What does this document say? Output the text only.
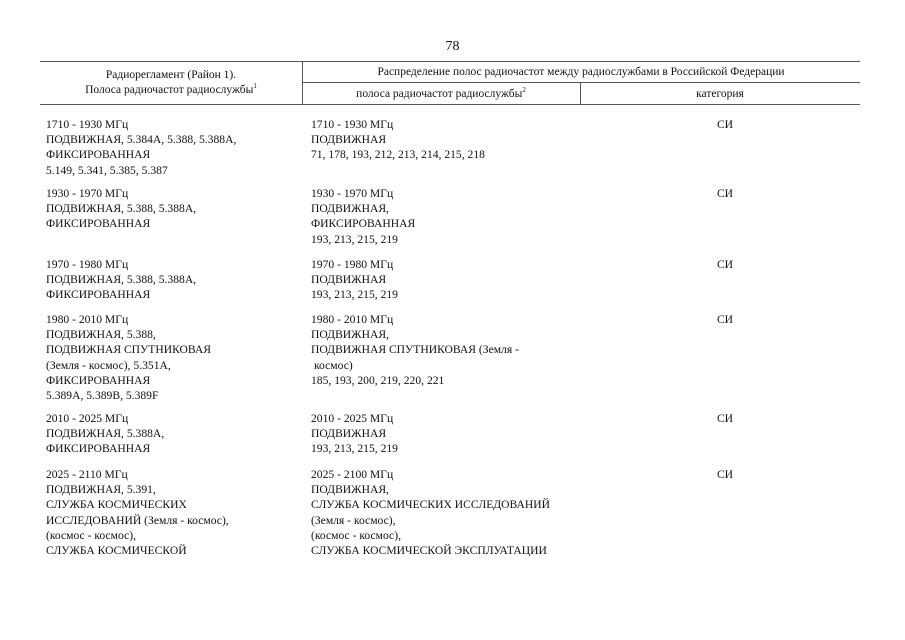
78
Радиорегламент (Район 1).
Полоса радиочастот радиослужбы$^1$
Распределение полос радиочастот между радиослужбами в Российской Федерации
полоса радиочастот радиослужбы$^2$	категория
1710 - 1930 МГц
ПОДВИЖНАЯ, 5.384А, 5.388, 5.388А,
ФИКСИРОВАННАЯ
5.149, 5.341, 5.385, 5.387
1710 - 1930 МГц
ПОДВИЖНАЯ
71, 178, 193, 212, 213, 214, 215, 218
СИ
1930 - 1970 МГц
ПОДВИЖНАЯ, 5.388, 5.388А,
ФИКСИРОВАННАЯ
1930 - 1970 МГц
ПОДВИЖНАЯ,
ФИКСИРОВАННАЯ
193, 213, 215, 219
СИ
1970 - 1980 МГц
ПОДВИЖНАЯ, 5.388, 5.388А,
ФИКСИРОВАННАЯ
1970 - 1980 МГц
ПОДВИЖНАЯ
193, 213, 215, 219
СИ
1980 - 2010 МГц
ПОДВИЖНАЯ, 5.388,
ПОДВИЖНАЯ СПУТНИКОВАЯ
(Земля - космос), 5.351А,
ФИКСИРОВАННАЯ
5.389А, 5.389В, 5.389F
1980 - 2010 МГц
ПОДВИЖНАЯ,
ПОДВИЖНАЯ СПУТНИКОВАЯ (Земля -
космос)
185, 193, 200, 219, 220, 221
СИ
2010 - 2025 МГц
ПОДВИЖНАЯ, 5.388А,
ФИКСИРОВАННАЯ
2010 - 2025 МГц
ПОДВИЖНАЯ
193, 213, 215, 219
СИ
2025 - 2110 МГц
ПОДВИЖНАЯ, 5.391,
СЛУЖБА КОСМИЧЕСКИХ
ИССЛЕДОВАНИЙ (Земля - космос),
(космос - космос),
СЛУЖБА КОСМИЧЕСКОЙ
2025 - 2100 МГц
ПОДВИЖНАЯ,
СЛУЖБА КОСМИЧЕСКИХ ИССЛЕДОВАНИЙ
(Земля - космос),
(космос - космос),
СЛУЖБА КОСМИЧЕСКОЙ ЭКСПЛУАТАЦИИ
СИ
